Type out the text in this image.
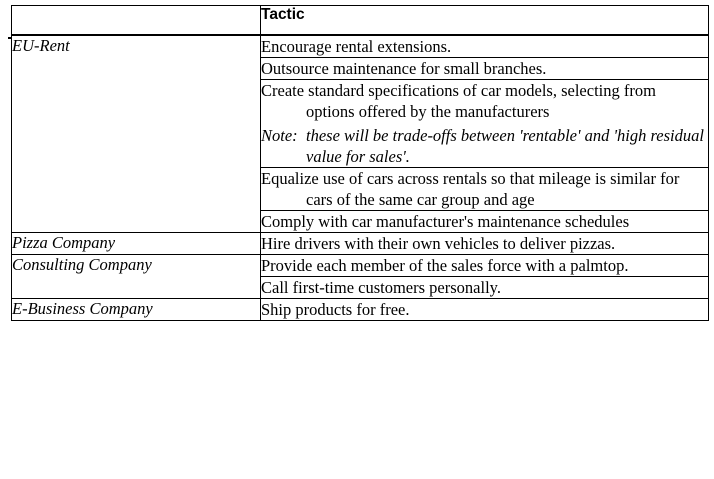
	Tactic
EU-Rent	Encourage rental extensions.

	Outsource maintenance for small branches.

	Create standard specifications of car models, selecting from options offered by the manufacturers
Note: these will be trade-offs between 'rentable' and 'high residual value for sales'.

	Equalize use of cars across rentals so that mileage is similar for cars of the same car group and age

	Comply with car manufacturer's maintenance schedules

Pizza Company	Hire drivers with their own vehicles to deliver pizzas.

Consulting Company	Provide each member of the sales force with a palmtop.

	Call first-time customers personally.

E-Business Company	Ship products for free.
